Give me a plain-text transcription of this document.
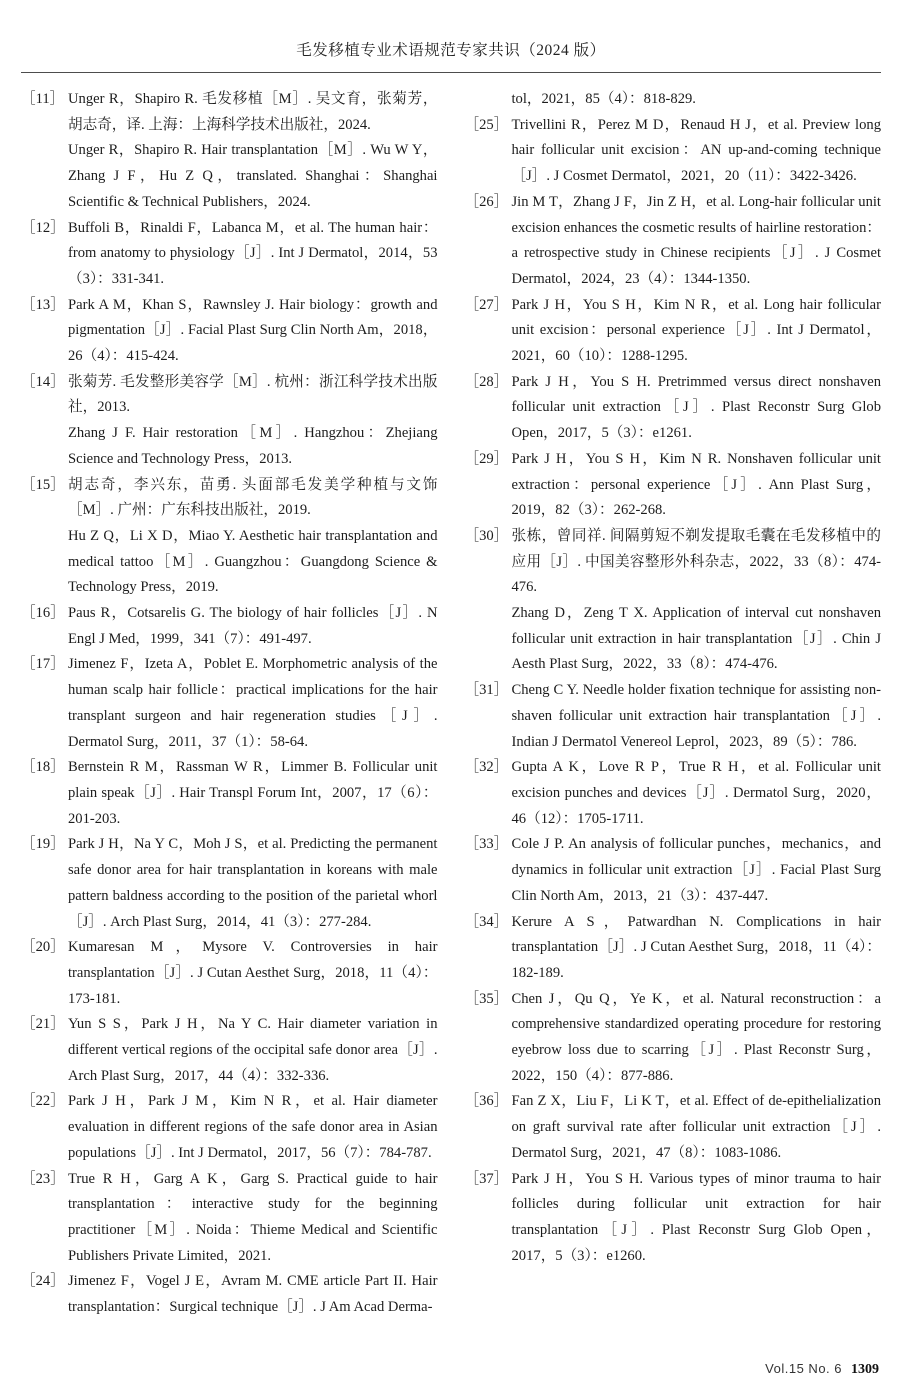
毛发移植专业术语规范专家共识（2024 版）
［11］ Unger R，Shapiro R. 毛发移植［M］. 吴文育，张菊芳，胡志奇，译. 上海：上海科学技术出版社，2024.

Unger R，Shapiro R. Hair transplantation［M］. Wu W Y，Zhang J F，Hu Z Q，translated. Shanghai：Shanghai Scientific & Technical Publishers，2024.

［12］ Buffoli B，Rinaldi F，Labanca M，et al. The human hair：from anatomy to physiology［J］. Int J Dermatol，2014，53（3）：331-341.

［13］ Park A M，Khan S，Rawnsley J. Hair biology：growth and pigmentation［J］. Facial Plast Surg Clin North Am，2018，26（4）：415-424.

［14］ 张菊芳. 毛发整形美容学［M］. 杭州：浙江科学技术出版社，2013.

Zhang J F. Hair restoration［M］. Hangzhou：Zhejiang Science and Technology Press，2013.

［15］ 胡志奇，李兴东，苗勇. 头面部毛发美学种植与文饰［M］. 广州：广东科技出版社，2019.

Hu Z Q，Li X D，Miao Y. Aesthetic hair transplantation and medical tattoo［M］. Guangzhou：Guangdong Science & Technology Press，2019.

［16］ Paus R，Cotsarelis G. The biology of hair follicles［J］. N Engl J Med，1999，341（7）：491-497.

［17］ Jimenez F，Izeta A，Poblet E. Morphometric analysis of the human scalp hair follicle：practical implications for the hair transplant surgeon and hair regeneration studies［J］. Dermatol Surg，2011，37（1）：58-64.

［18］ Bernstein R M，Rassman W R，Limmer B. Follicular unit plain speak［J］. Hair Transpl Forum Int，2007，17（6）：201-203.

［19］ Park J H，Na Y C，Moh J S，et al. Predicting the permanent safe donor area for hair transplantation in koreans with male pattern baldness according to the position of the parietal whorl［J］. Arch Plast Surg，2014，41（3）：277-284.

［20］ Kumaresan M，Mysore V. Controversies in hair transplantation［J］. J Cutan Aesthet Surg，2018，11（4）：173-181.

［21］ Yun S S，Park J H，Na Y C. Hair diameter variation in different vertical regions of the occipital safe donor area［J］. Arch Plast Surg，2017，44（4）：332-336.

［22］ Park J H，Park J M，Kim N R，et al. Hair diameter evaluation in different regions of the safe donor area in Asian populations［J］. Int J Dermatol，2017，56（7）：784-787.

［23］ True R H，Garg A K，Garg S. Practical guide to hair transplantation：interactive study for the beginning practitioner［M］. Noida：Thieme Medical and Scientific Publishers Private Limited，2021.

［24］ Jimenez F，Vogel J E，Avram M. CME article Part II. Hair transplantation：Surgical technique［J］. J Am Acad Derma-

tol，2021，85（4）：818-829.

［25］ Trivellini R，Perez M D，Renaud H J，et al. Preview long hair follicular unit excision：AN up-and-coming technique［J］. J Cosmet Dermatol，2021，20（11）：3422-3426.

［26］ Jin M T，Zhang J F，Jin Z H，et al. Long-hair follicular unit excision enhances the cosmetic results of hairline restoration：a retrospective study in Chinese recipients［J］. J Cosmet Dermatol，2024，23（4）：1344-1350.

［27］ Park J H，You S H，Kim N R，et al. Long hair follicular unit excision：personal experience［J］. Int J Dermatol，2021，60（10）：1288-1295.

［28］ Park J H，You S H. Pretrimmed versus direct nonshaven follicular unit extraction［J］. Plast Reconstr Surg Glob Open，2017，5（3）：e1261.

［29］ Park J H，You S H，Kim N R. Nonshaven follicular unit extraction：personal experience［J］. Ann Plast Surg，2019，82（3）：262-268.

［30］ 张栋，曾同祥. 间隔剪短不剃发提取毛囊在毛发移植中的应用［J］. 中国美容整形外科杂志，2022，33（8）：474-476.

Zhang D，Zeng T X. Application of interval cut nonshaven follicular unit extraction in hair transplantation［J］. Chin J Aesth Plast Surg，2022，33（8）：474-476.

［31］ Cheng C Y. Needle holder fixation technique for assisting non-shaven follicular unit extraction hair transplantation［J］. Indian J Dermatol Venereol Leprol，2023，89（5）：786.

［32］ Gupta A K，Love R P，True R H，et al. Follicular unit excision punches and devices［J］. Dermatol Surg，2020，46（12）：1705-1711.

［33］ Cole J P. An analysis of follicular punches，mechanics，and dynamics in follicular unit extraction［J］. Facial Plast Surg Clin North Am，2013，21（3）：437-447.

［34］ Kerure A S，Patwardhan N. Complications in hair transplantation［J］. J Cutan Aesthet Surg，2018，11（4）：182-189.

［35］ Chen J，Qu Q，Ye K，et al. Natural reconstruction：a comprehensive standardized operating procedure for restoring eyebrow loss due to scarring［J］. Plast Reconstr Surg，2022，150（4）：877-886.

［36］ Fan Z X，Liu F，Li K T，et al. Effect of de-epithelialization on graft survival rate after follicular unit extraction［J］. Dermatol Surg，2021，47（8）：1083-1086.

［37］ Park J H，You S H. Various types of minor trauma to hair follicles during follicular unit extraction for hair transplantation［J］. Plast Reconstr Surg Glob Open，2017，5（3）：e1260.

Vol.15 No. 6 1309
